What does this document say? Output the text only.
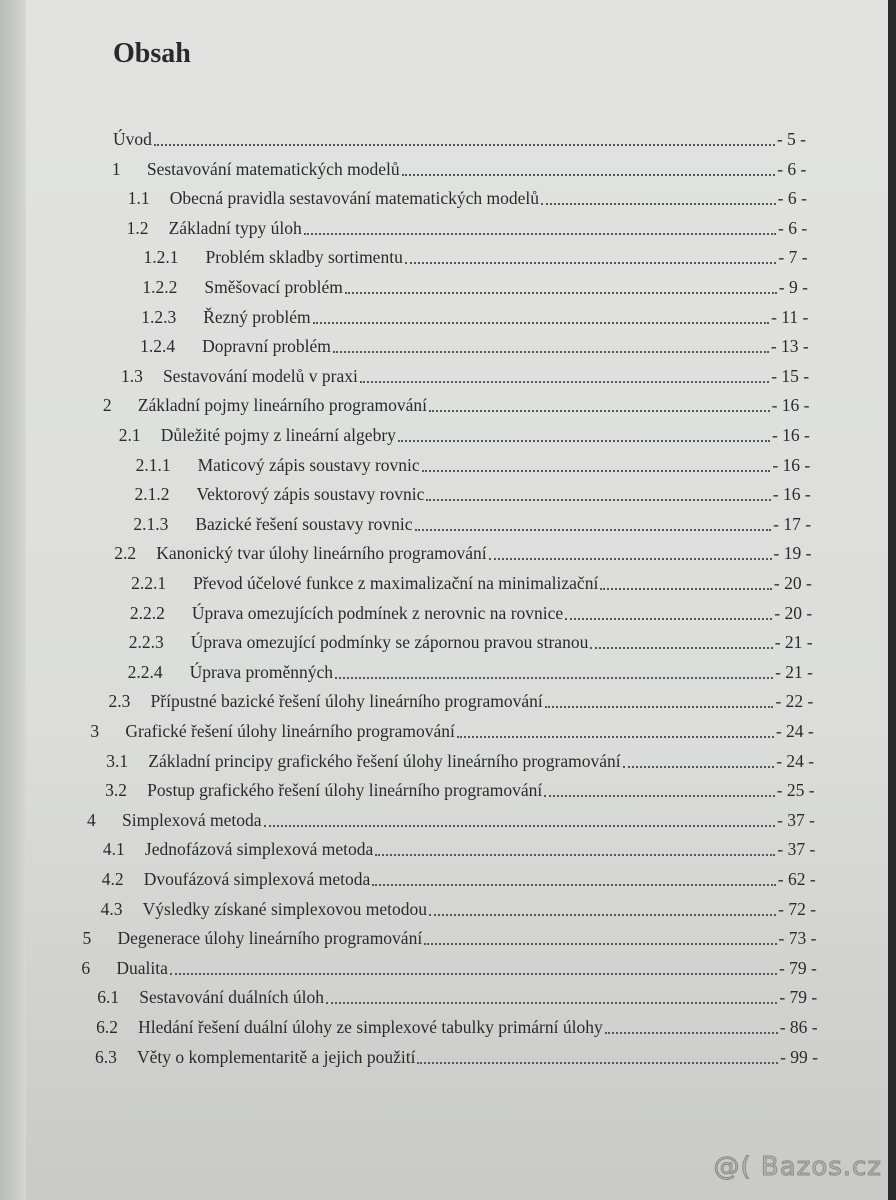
Obsah
Úvod	- 5 -
1	Sestavování matematických modelů	- 6 -
1.1	Obecná pravidla sestavování matematických modelů	- 6 -
1.2	Základní typy úloh	- 6 -
1.2.1	Problém skladby sortimentu	- 7 -
1.2.2	Směšovací problém	- 9 -
1.2.3	Řezný problém	- 11 -
1.2.4	Dopravní problém	- 13 -
1.3	Sestavování modelů v praxi	- 15 -
2	Základní pojmy lineárního programování	- 16 -
2.1	Důležité pojmy z lineární algebry	- 16 -
2.1.1	Maticový zápis soustavy rovnic	- 16 -
2.1.2	Vektorový zápis soustavy rovnic	- 16 -
2.1.3	Bazické řešení soustavy rovnic	- 17 -
2.2	Kanonický tvar úlohy lineárního programování	- 19 -
2.2.1	Převod účelové funkce z maximalizační na minimalizační	- 20 -
2.2.2	Úprava omezujících podmínek z nerovnic na rovnice	- 20 -
2.2.3	Úprava omezující podmínky se zápornou pravou stranou	- 21 -
2.2.4	Úprava proměnných	- 21 -
2.3	Přípustné bazické řešení úlohy lineárního programování	- 22 -
3	Grafické řešení úlohy lineárního programování	- 24 -
3.1	Základní principy grafického řešení úlohy lineárního programování	- 24 -
3.2	Postup grafického řešení úlohy lineárního programování	- 25 -
4	Simplexová metoda	- 37 -
4.1	Jednofázová simplexová metoda	- 37 -
4.2	Dvoufázová simplexová metoda	- 62 -
4.3	Výsledky získané simplexovou metodou	- 72 -
5	Degenerace úlohy lineárního programování	- 73 -
6	Dualita	- 79 -
6.1	Sestavování duálních úloh	- 79 -
6.2	Hledání řešení duální úlohy ze simplexové tabulky primární úlohy	- 86 -
6.3	Věty o komplementaritě a jejich použití	- 99 -
@( Bazos.cz
